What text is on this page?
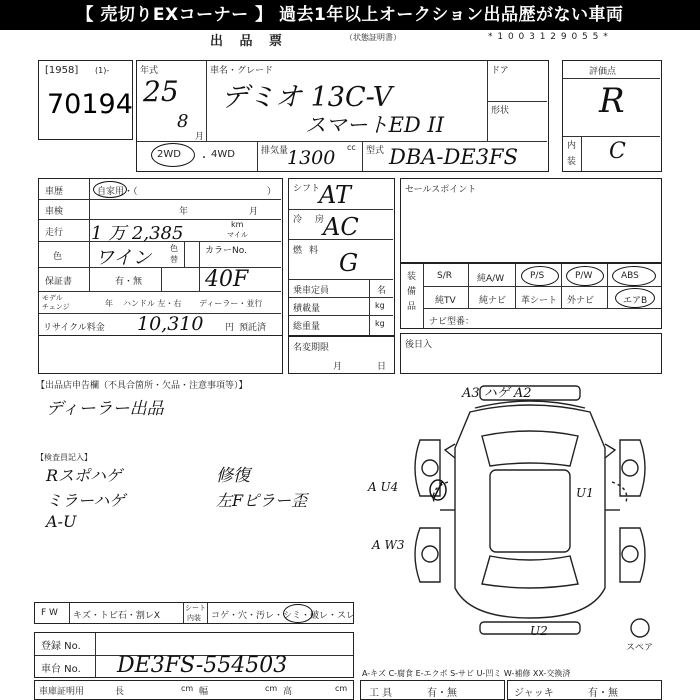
【 売切りEXコーナー 】 過去1年以上オークション出品歴がない車両
出 品 票	（状態証明書）	* 1 0 0 3 1 2 9 0 5 5 *
[1958] (1)-
70194
年式
25
8
月
車名・グレード
デミオ 13C-V
スマートED II
ドア
形状
2WD ・ 4WD	排気量
1300 cc 型式 DBA-DE3FS
評価点
R
内
装 C
車歴	自家用・（	）
車検	年	月
走行 1 万 2,385	km
マイル
色 ワイン 色
替
カラーNo.
40F
保証書	有・無
モデル
チェンジ	年 ハンドル 左・右 ディーラー・並行
リサイクル料金 10,310 円 預託済
シフト
AT
冷 房
AC
燃 料 G
乗車定員	名
積載量	kg
総重量	kg
名変期限
月	日
セールスポイント
装備品
S/R	純A/W	P/S	P/W	ABS
純TV	純ナビ 革シート 外ナビ	エアB
ナビ型番：
後日入
【出品店申告欄（不具合箇所・欠品・注意事項等）】
ディーラー出品
【検査員記入】
Rスポハゲ
ミラーハゲ
A-U
修復
左Fピラー歪
A3 ハゲ A2
A U4
A W3
U1
U2
スペア
F W キズ・トビ石・割レX
シート
内装 コゲ・穴・汚レ・シミ・破レ・スレ
登録 No.
車台 No. DE3FS-554503
車庫証明用	長	cm 幅	cm 高	cm
A-キズ C-腐食 E-エクボ S-サビ U-凹ミ W-補修 XX-交換済
工 具	有・無	ジャッキ	有・無
